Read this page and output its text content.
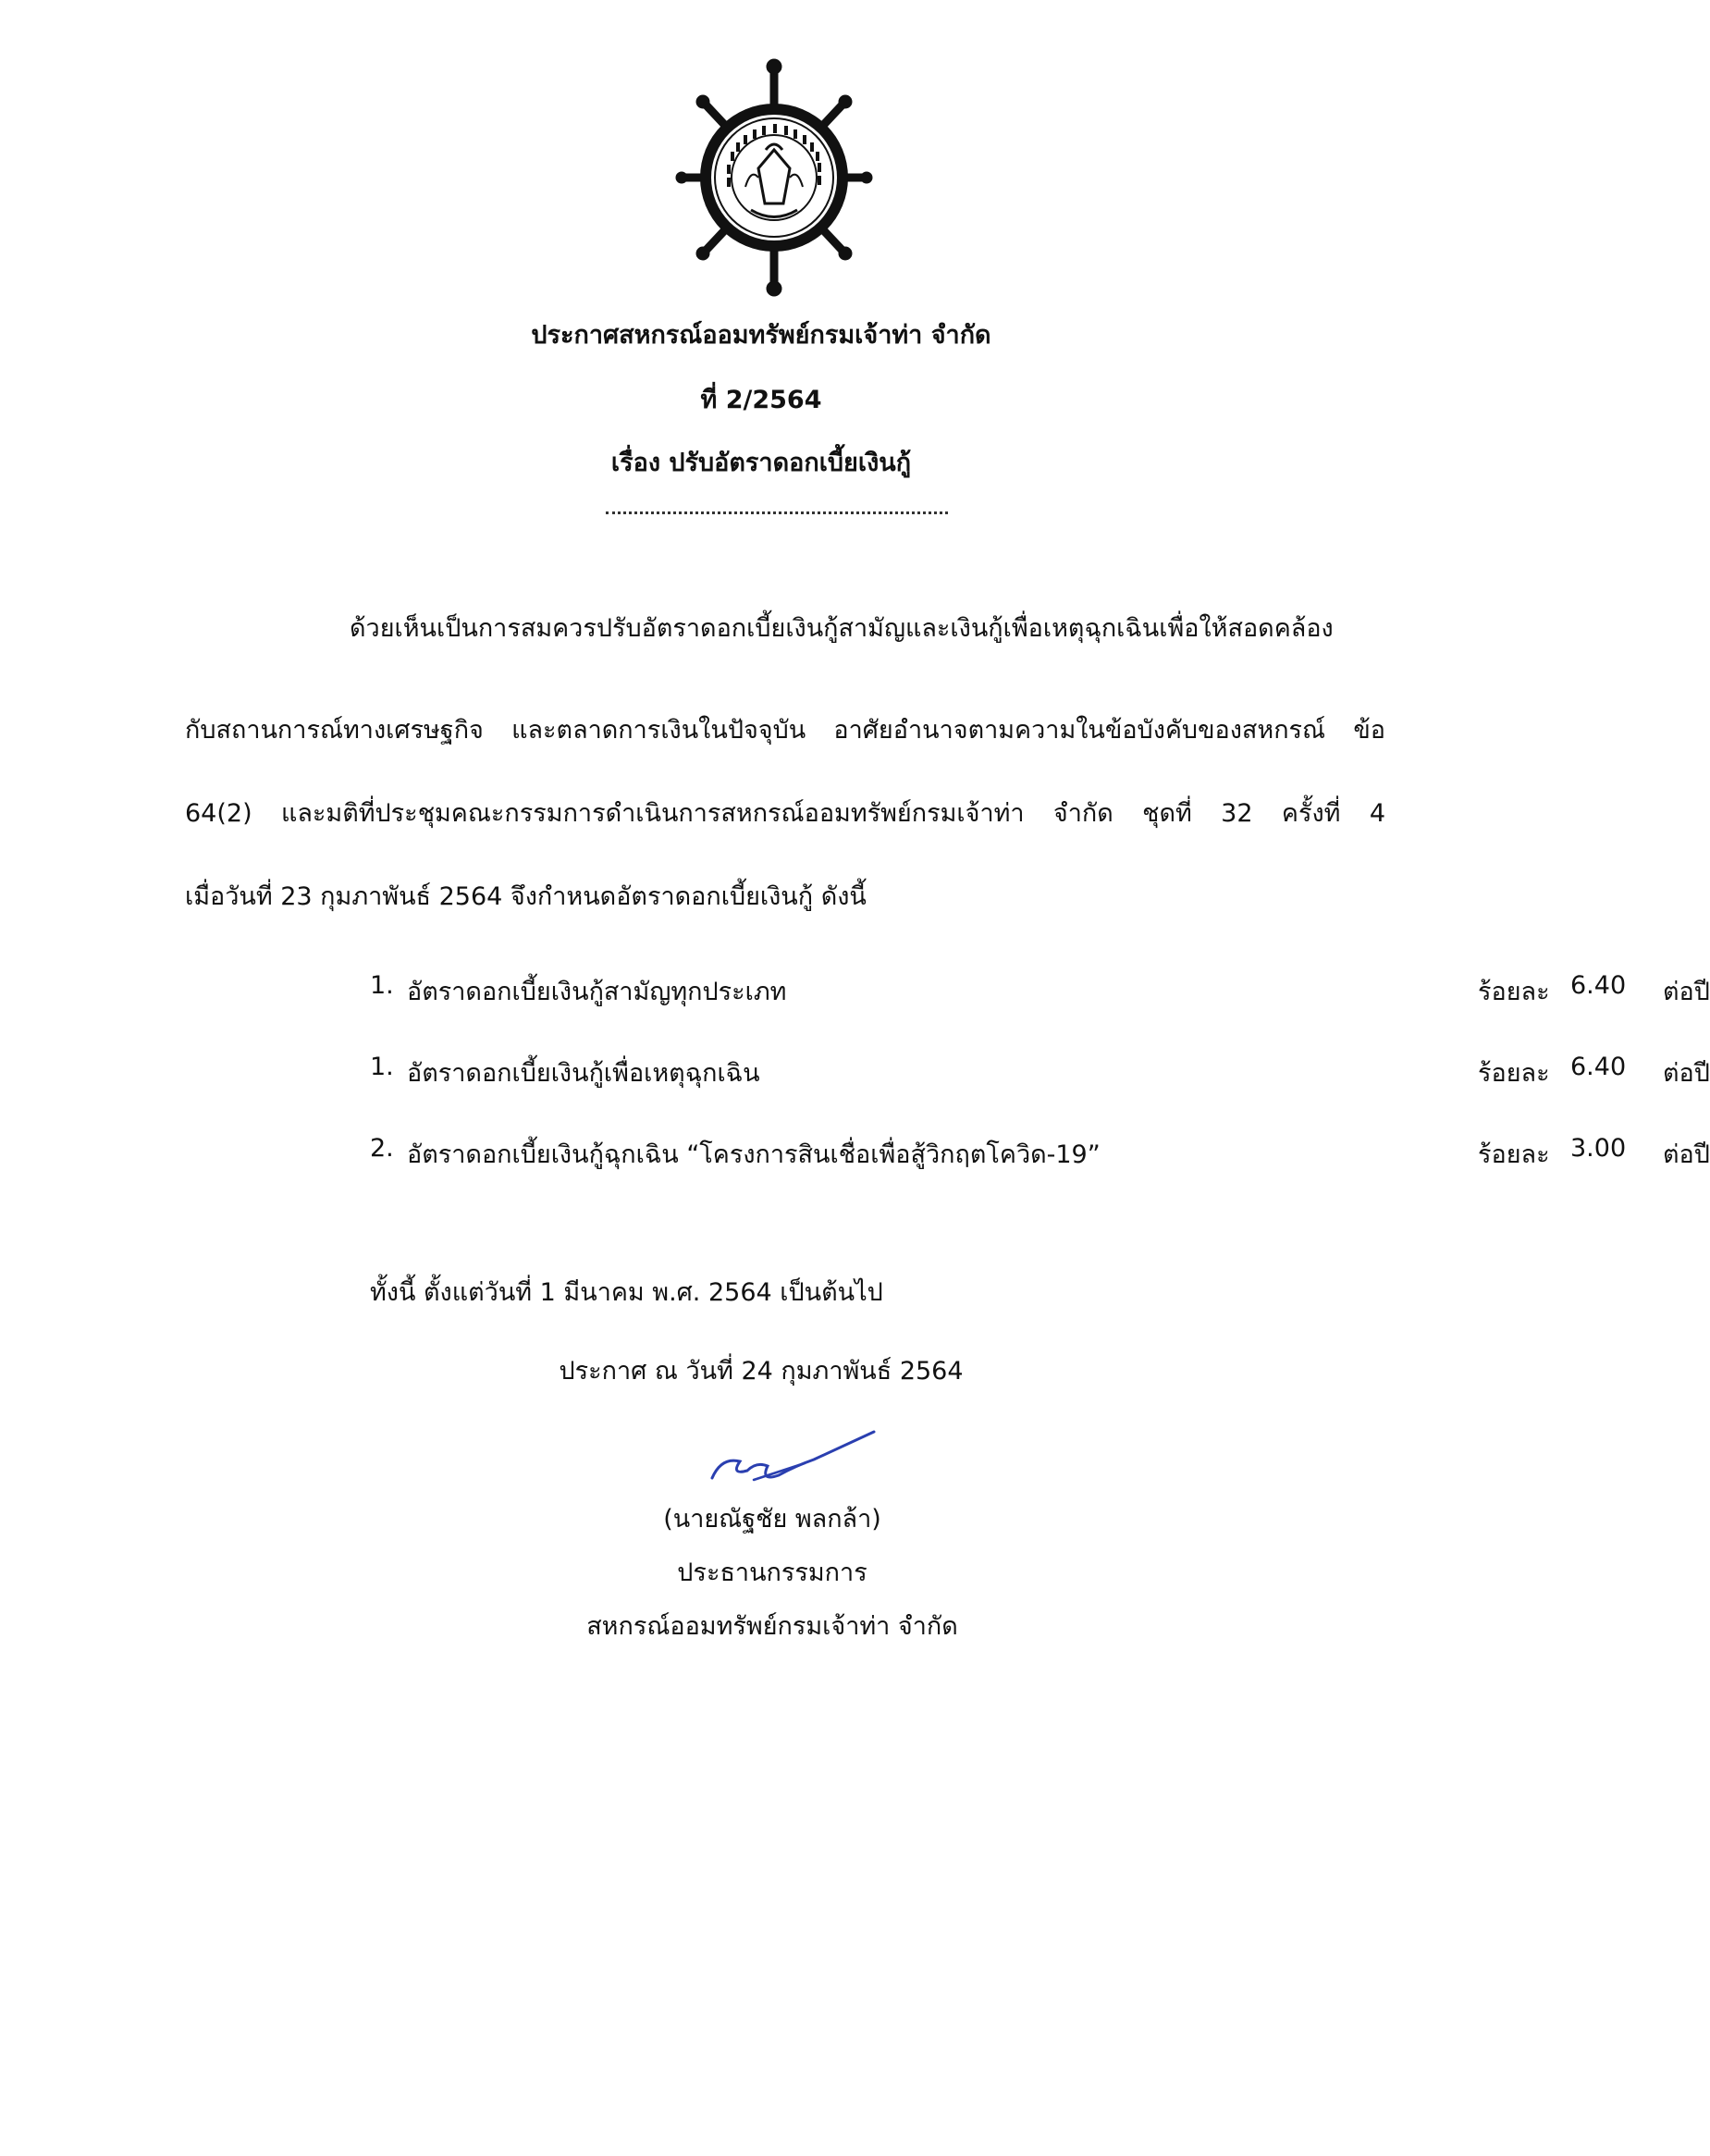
ประกาศสหกรณ์ออมทรัพย์กรมเจ้าท่า จำกัด
ที่ 2/2564
เรื่อง ปรับอัตราดอกเบี้ยเงินกู้
ด้วยเห็นเป็นการสมควรปรับอัตราดอกเบี้ยเงินกู้สามัญและเงินกู้เพื่อเหตุฉุกเฉินเพื่อให้สอดคล้อง
กับสถานการณ์ทางเศรษฐกิจ และตลาดการเงินในปัจจุบัน อาศัยอำนาจตามความในข้อบังคับของสหกรณ์ ข้อ
64(2) และมติที่ประชุมคณะกรรมการดำเนินการสหกรณ์ออมทรัพย์กรมเจ้าท่า จำกัด ชุดที่ 32 ครั้งที่ 4
เมื่อวันที่ 23 กุมภาพันธ์ 2564 จึงกำหนดอัตราดอกเบี้ยเงินกู้ ดังนี้
1. อัตราดอกเบี้ยเงินกู้สามัญทุกประเภท	ร้อยละ 6.40 ต่อปี
1. อัตราดอกเบี้ยเงินกู้เพื่อเหตุฉุกเฉิน	ร้อยละ 6.40 ต่อปี
2. อัตราดอกเบี้ยเงินกู้ฉุกเฉิน “โครงการสินเชื่อเพื่อสู้วิกฤตโควิด-19”	ร้อยละ 3.00 ต่อปี
ทั้งนี้ ตั้งแต่วันที่ 1 มีนาคม พ.ศ. 2564 เป็นต้นไป
ประกาศ ณ วันที่ 24 กุมภาพันธ์ 2564
(นายณัฐชัย พลกล้า)
ประธานกรรมการ
สหกรณ์ออมทรัพย์กรมเจ้าท่า จำกัด
